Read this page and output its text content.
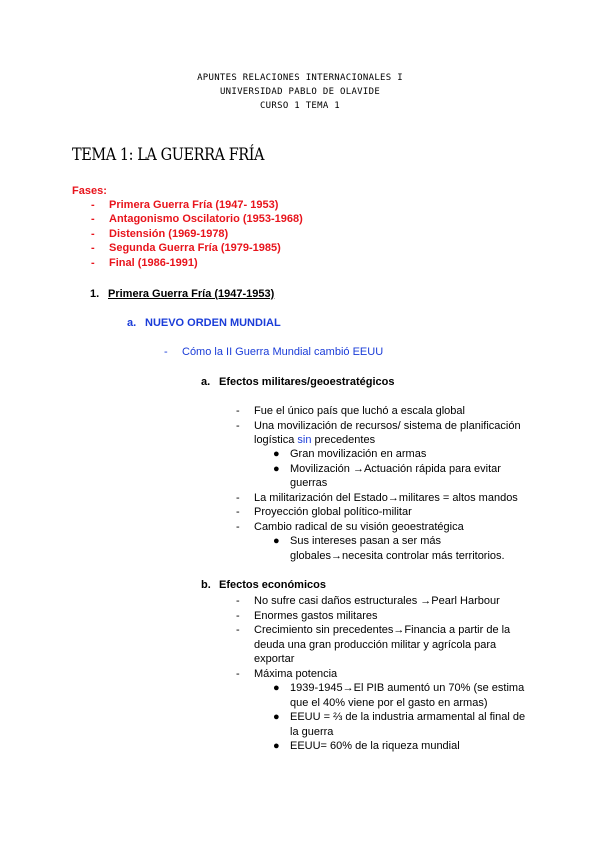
APUNTES RELACIONES INTERNACIONALES I
UNIVERSIDAD PABLO DE OLAVIDE
CURSO 1 TEMA 1
TEMA 1: LA GUERRA FRÍA
Fases:
- Primera Guerra Fría (1947- 1953)
- Antagonismo Oscilatorio (1953-1968)
- Distensión (1969-1978)
- Segunda Guerra Fría (1979-1985)
- Final (1986-1991)
1. Primera Guerra Fría (1947-1953)
a. NUEVO ORDEN MUNDIAL
- Cómo la II Guerra Mundial cambió EEUU
a. Efectos militares/geoestratégicos
- Fue el único país que luchó a escala global
- Una movilización de recursos/ sistema de planificación
logística sin precedentes
● Gran movilización en armas
● Movilización →Actuación rápida para evitar
guerras
- La militarización del Estado→militares = altos mandos
- Proyección global político-militar
- Cambio radical de su visión geoestratégica
● Sus intereses pasan a ser más
globales→necesita controlar más territorios.
b. Efectos económicos
- No sufre casi daños estructurales →Pearl Harbour
- Enormes gastos militares
- Crecimiento sin precedentes→Financia a partir de la
deuda una gran producción militar y agrícola para
exportar
- Máxima potencia
● 1939-1945→El PIB aumentó un 70% (se estima
que el 40% viene por el gasto en armas)
● EEUU = ⅔ de la industria armamental al final de
la guerra
● EEUU= 60% de la riqueza mundial
